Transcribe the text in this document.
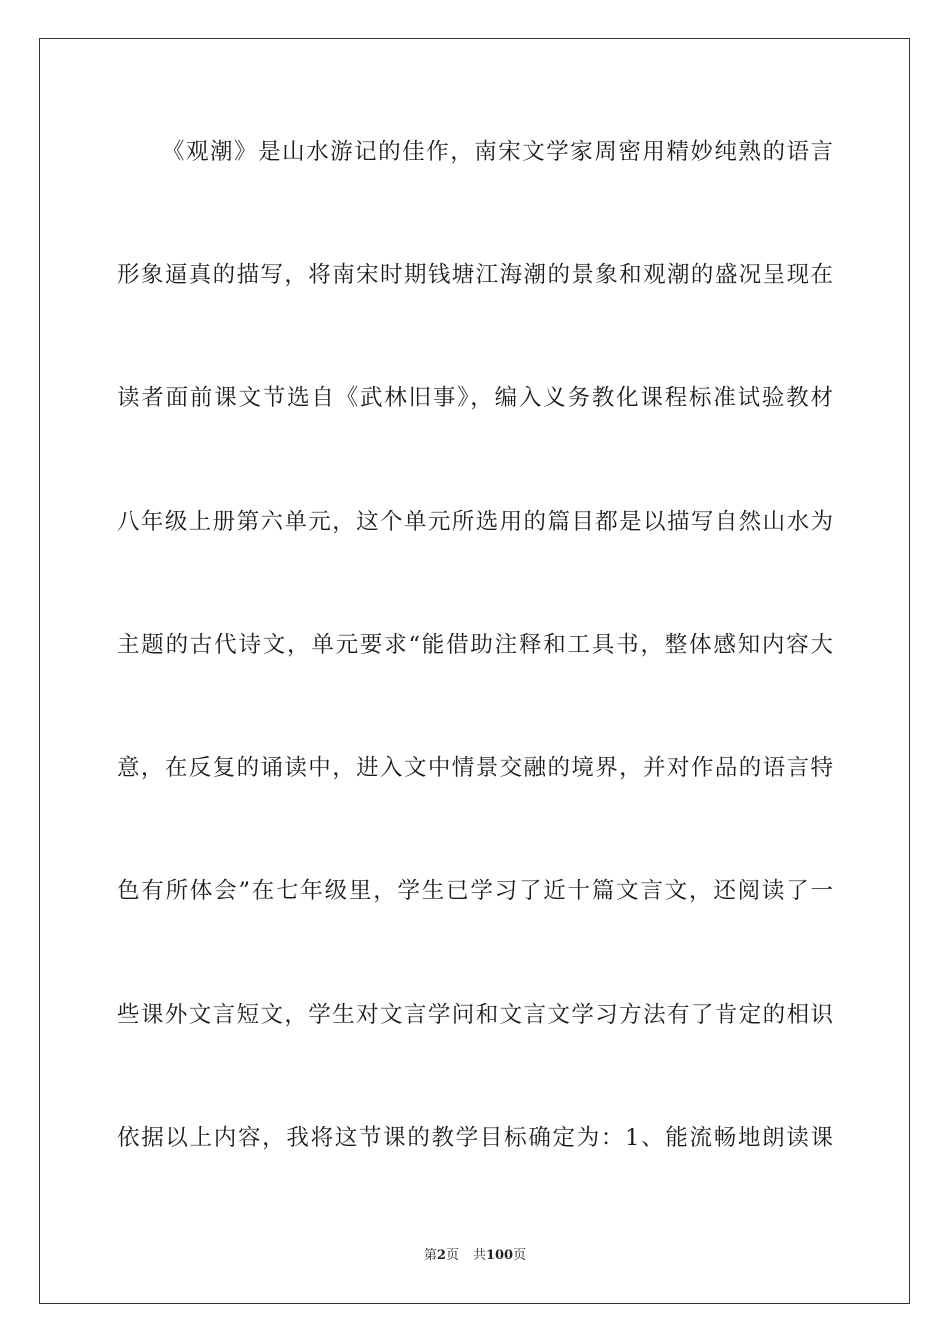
《观潮》是山水游记的佳作，南宋文学家周密用精妙纯熟的语言
形象逼真的描写，将南宋时期钱塘江海潮的景象和观潮的盛况呈现在
读者面前课文节选自《武林旧事》，编入义务教化课程标准试验教材
八年级上册第六单元，这个单元所选用的篇目都是以描写自然山水为
主题的古代诗文，单元要求“能借助注释和工具书，整体感知内容大
意，在反复的诵读中，进入文中情景交融的境界，并对作品的语言特
色有所体会”在七年级里，学生已学习了近十篇文言文，还阅读了一
些课外文言短文，学生对文言学问和文言文学习方法有了肯定的相识
依据以上内容，我将这节课的教学目标确定为：1、能流畅地朗读课
第2页 共100页
